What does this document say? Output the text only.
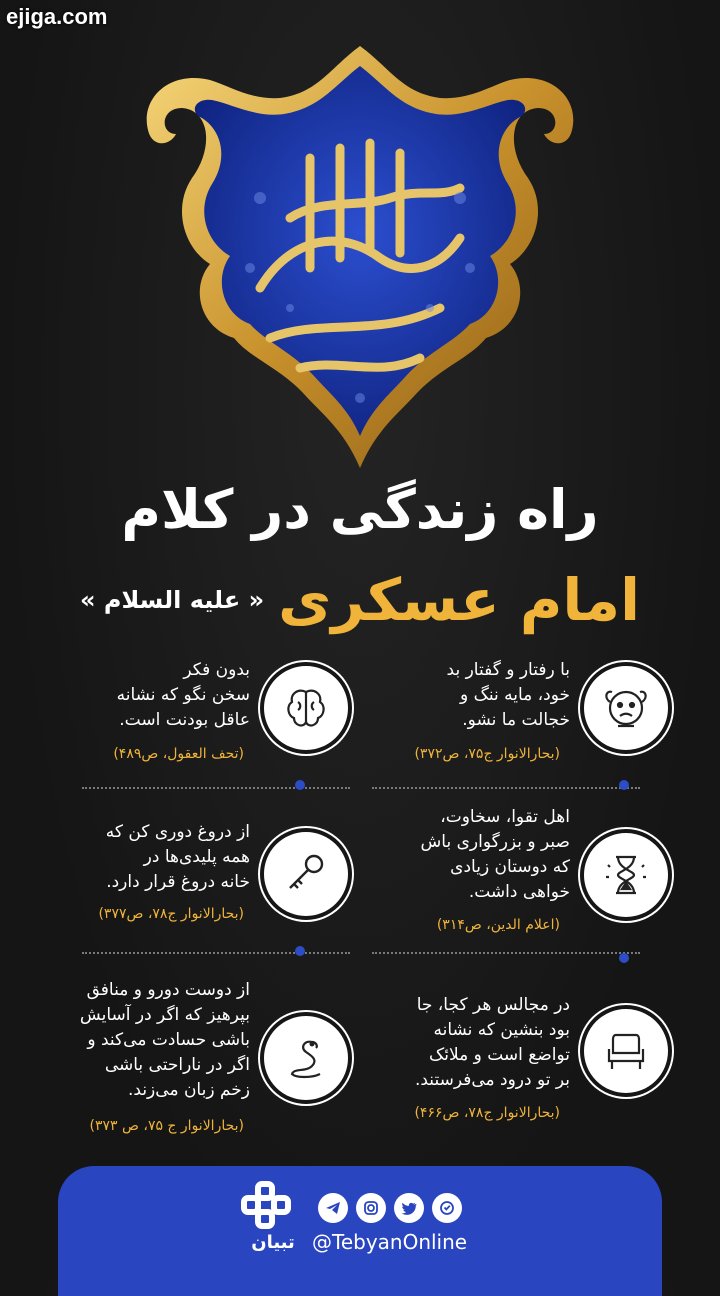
ejiga.com
راه زندگی در کلام
امام عسکری
« علیه السلام »
با رفتار و گفتار بد
خود، مایه ننگ و
خجالت ما نشو.
(بحارالانوار ج۷۵، ص۳۷۲)
بدون فکر
سخن نگو که نشانه
عاقل بودنت است.
(تحف العقول، ص۴۸۹)
اهل تقوا، سخاوت،
صبر و بزرگواری باش
که دوستان زیادی
خواهی داشت.
(اعلام الدین، ص۳۱۴)
از دروغ دوری کن که
همه پلیدی‌ها در
خانه دروغ قرار دارد.
(بحارالانوار ج۷۸، ص۳۷۷)
در مجالس هر کجا، جا
بود بنشین که نشانه
تواضع است و ملائک
بر تو درود می‌فرستند.
(بحارالانوار ج۷۸، ص۴۶۶)
از دوست دورو و منافق
بپرهیز که اگر در آسایش
باشی حسادت می‌کند و
اگر در ناراحتی باشی
زخم زبان می‌زند.
(بحارالانوار ج ۷۵، ص ۳۷۳)
تبیان @TebyanOnline
